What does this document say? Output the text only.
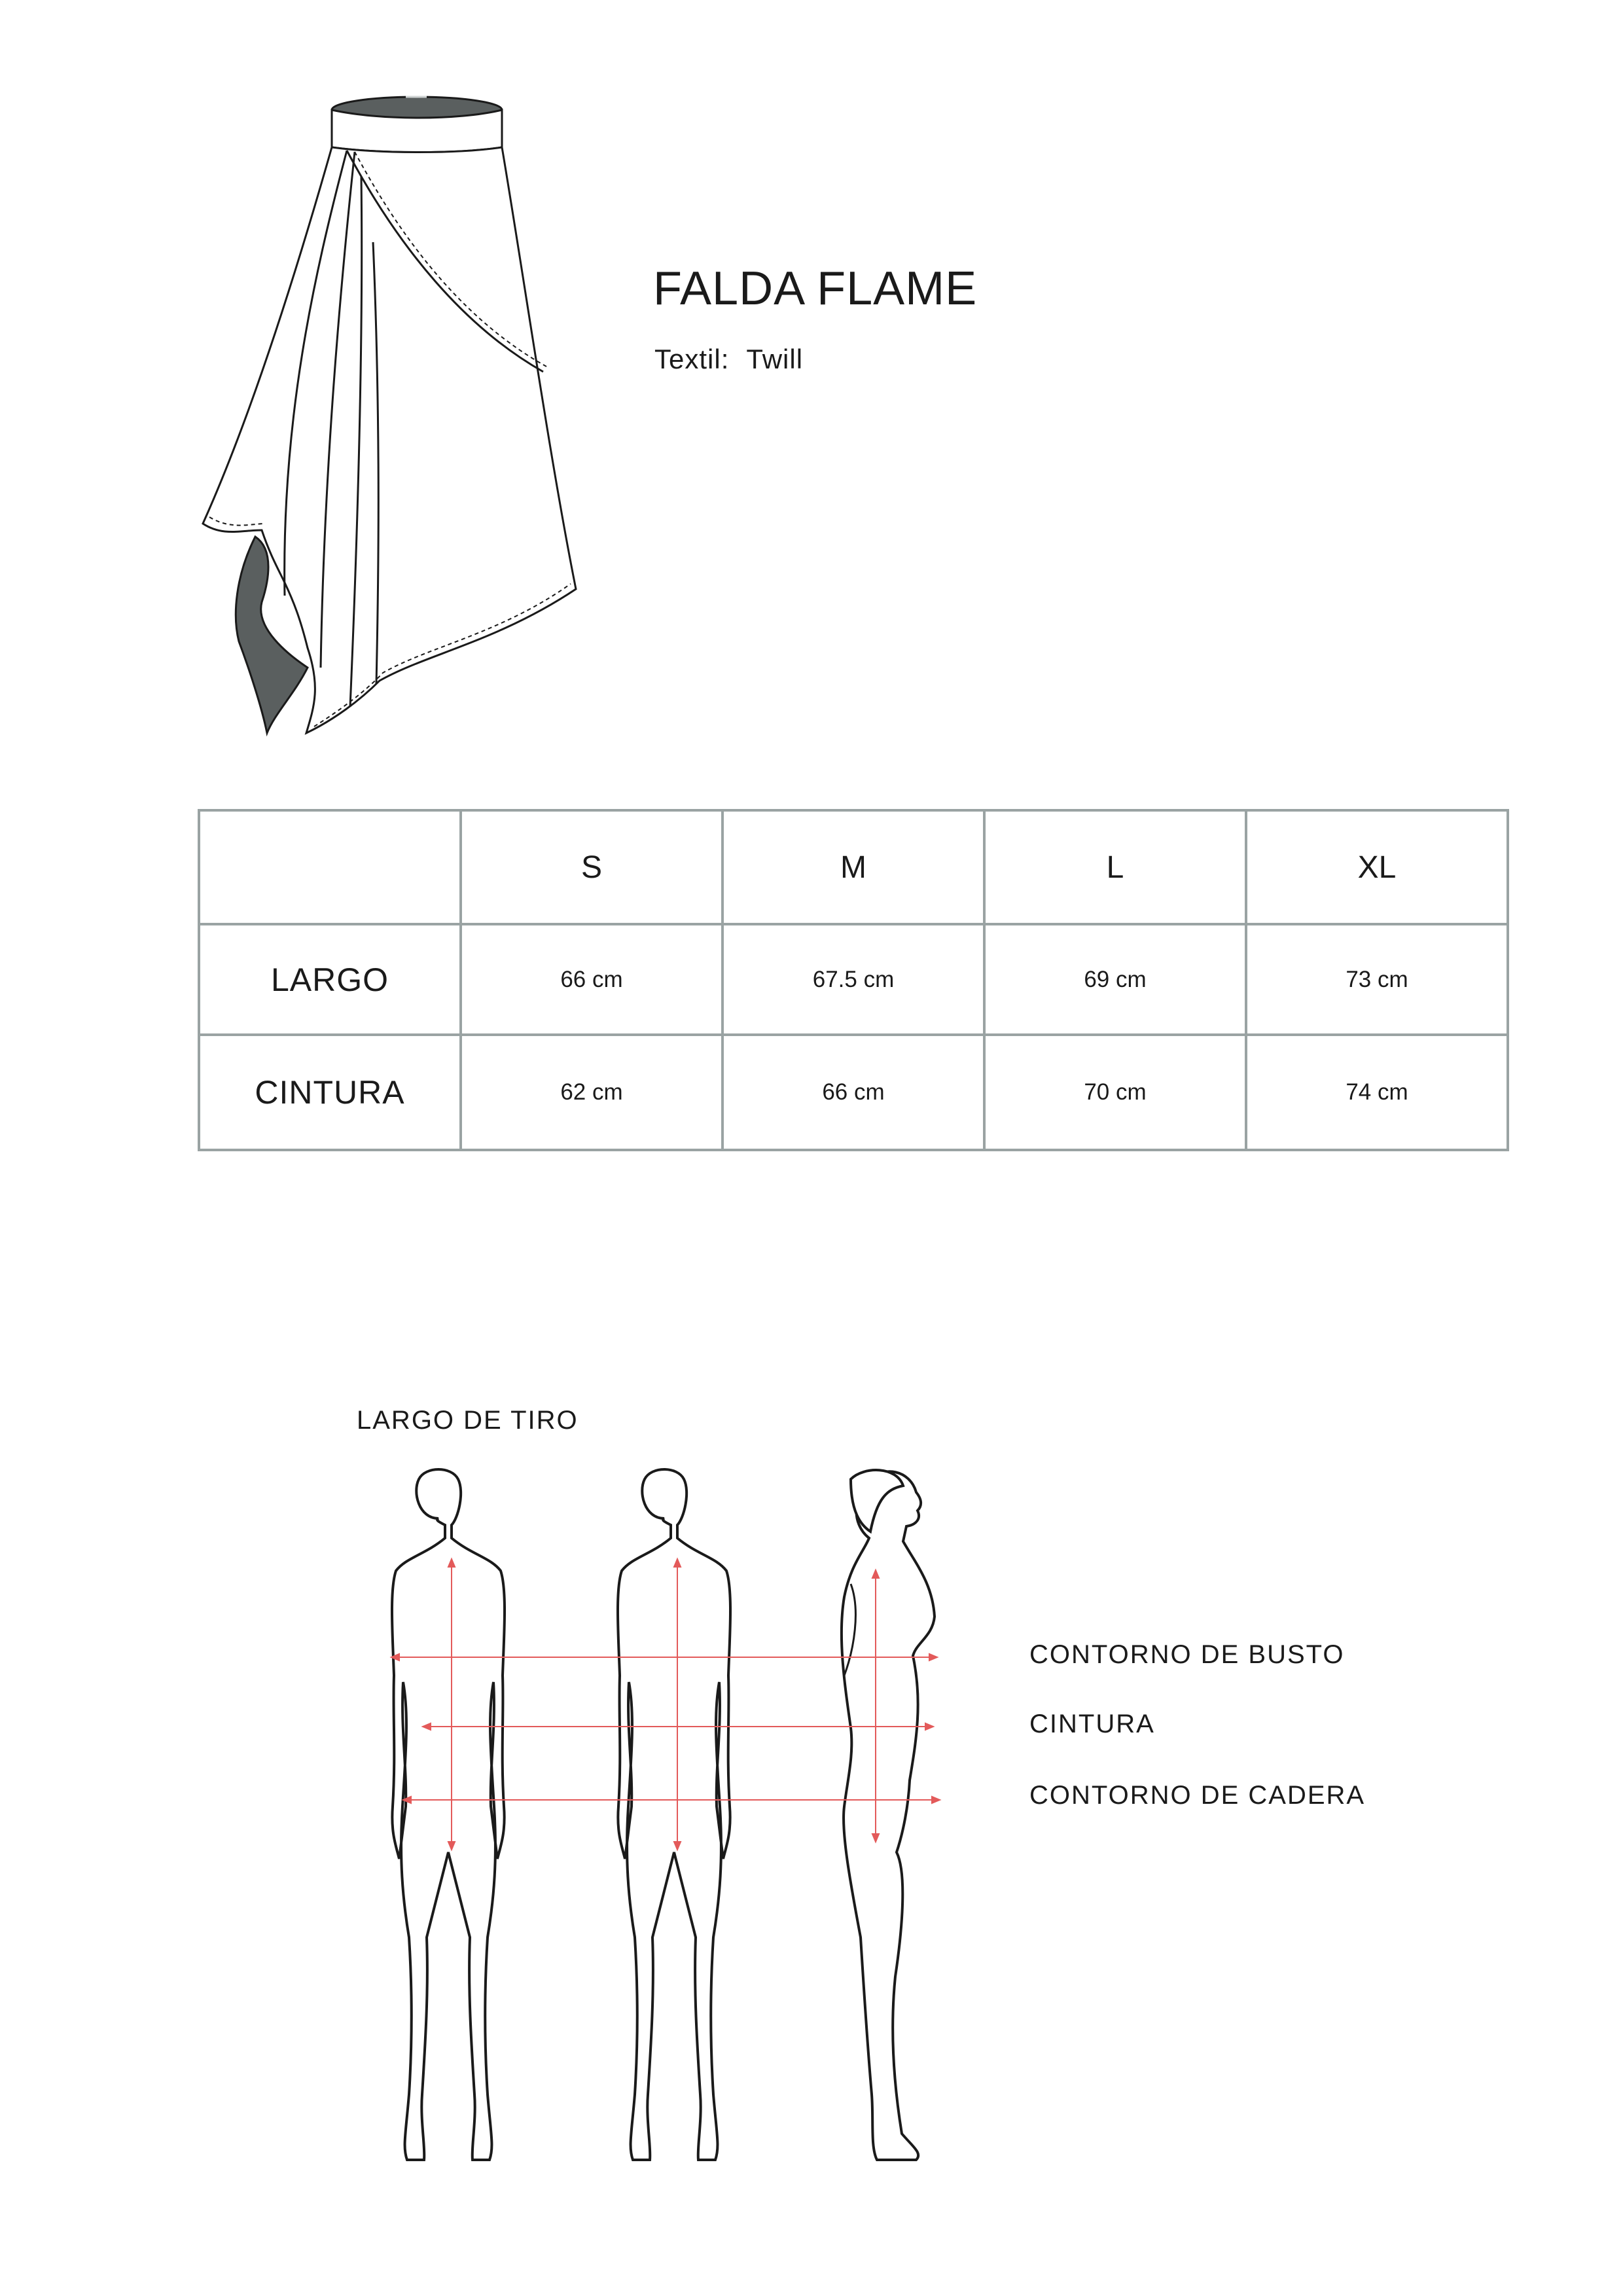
FALDA FLAME
Textil: Twill
	S	M	L	XL
LARGO	66 cm	67.5 cm	69 cm	73 cm
CINTURA	62 cm	66 cm	70 cm	74 cm
LARGO DE TIRO
CONTORNO DE BUSTO
CINTURA
CONTORNO DE CADERA
